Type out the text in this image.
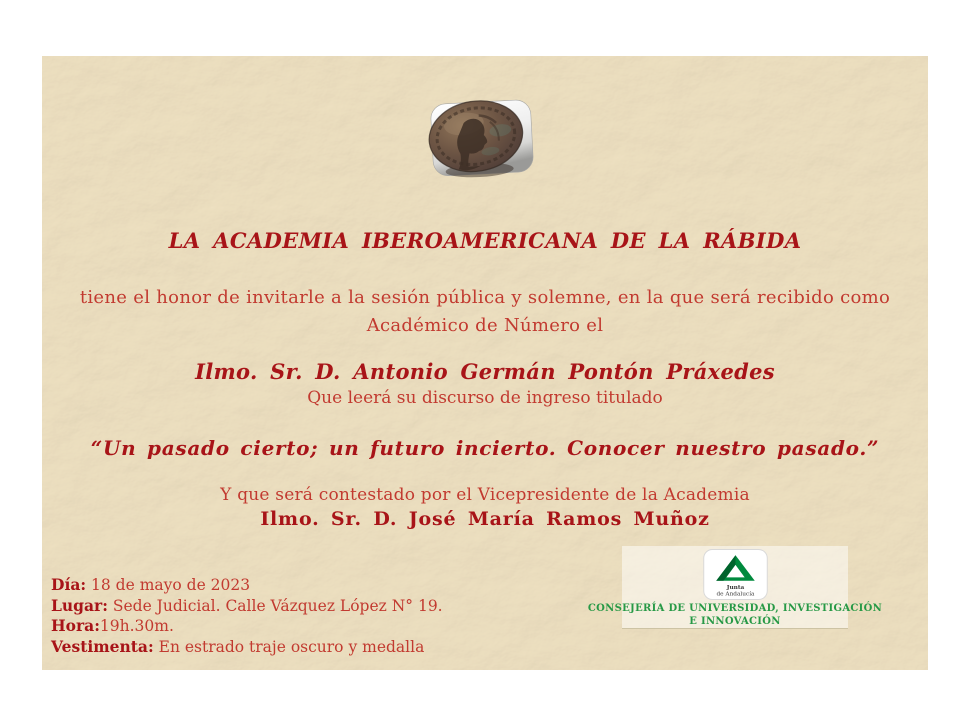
LA ACADEMIA IBEROAMERICANA DE LA RÁBIDA
tiene el honor de invitarle a la sesión pública y solemne, en la que será recibido como
Académico de Número el
Ilmo. Sr. D. Antonio Germán Pontón Práxedes
Que leerá su discurso de ingreso titulado
“Un pasado cierto; un futuro incierto. Conocer nuestro pasado.”
Y que será contestado por el Vicepresidente de la Academia
Ilmo. Sr. D. José María Ramos Muñoz
Día: 18 de mayo de 2023
Lugar: Sede Judicial. Calle Vázquez López N° 19.
Hora:19h.30m.
Vestimenta: En estrado traje oscuro y medalla
Junta
de Andalucía
CONSEJERÍA DE UNIVERSIDAD, INVESTIGACIÓN
E INNOVACIÓN
